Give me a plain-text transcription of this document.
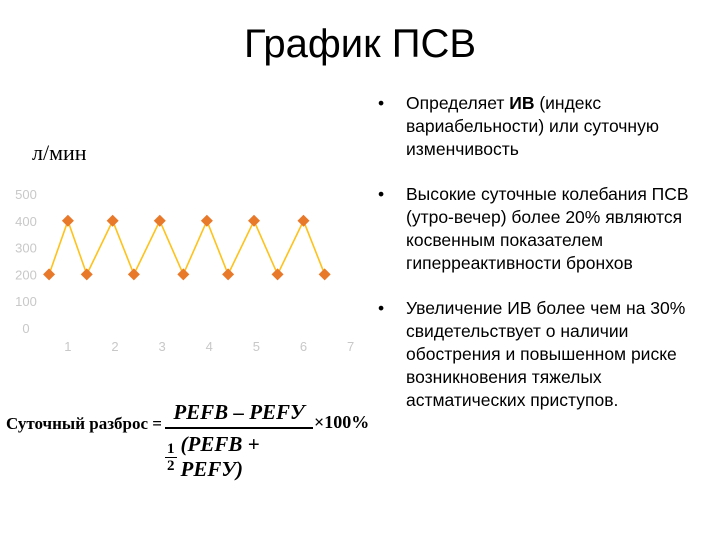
График ПСВ
л/мин
0
100
200
300
400
500
1	2	3	4	5	6	7
• Определяет ИВ (индекс вариабельности) или суточную изменчивость
• Высокие суточные колебания ПСВ (утро-вечер) более 20% являются косвенным показателем гиперреактивности бронхов
• Увеличение ИВ более чем на 30% свидетельствует о наличии обострения и повышенном риске возникновения тяжелых астматических приступов.
Суточный разброс = PEFВ – PEFУ
$\frac{1}{2}$ (PEFВ + PEFУ)
×100%
